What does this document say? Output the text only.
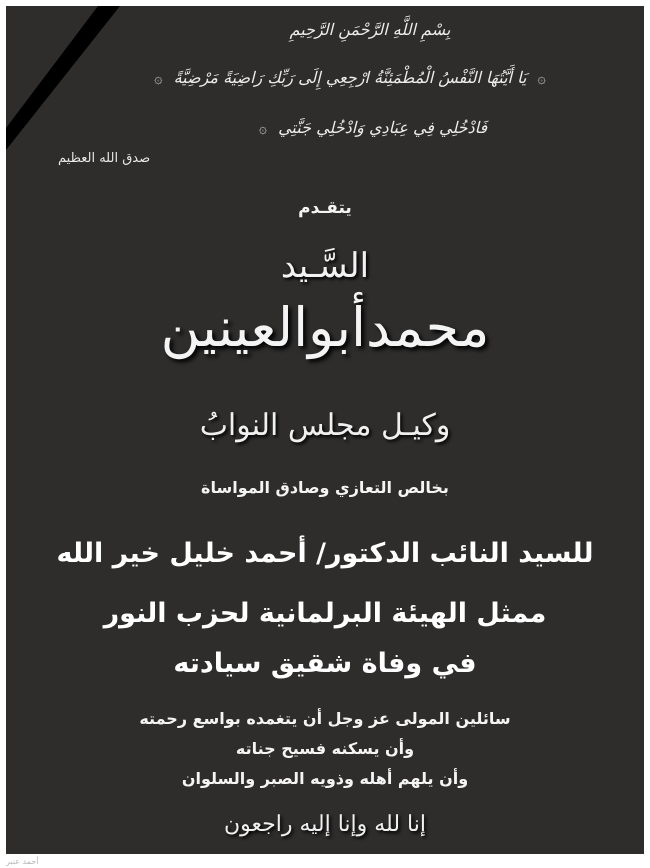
بِسْمِ اللَّهِ الرَّحْمَنِ الرَّحِيمِ
۞ يَا أَيَّتُهَا النَّفْسُ الْمُطْمَئِنَّةُ ارْجِعِي إِلَى رَبِّكِ رَاضِيَةً مَرْضِيَّةً ۞
فَادْخُلِي فِي عِبَادِي وَادْخُلِي جَنَّتِي ۞
صدق الله العظيم
يتقـدم
السَّـيد
محمدأبوالعينين
وكيـل مجلس النوابُ
بخالص التعازي وصادق المواساة
للسيد النائب الدكتور/ أحمد خليل خير الله
ممثل الهيئة البرلمانية لحزب النور
في وفاة شقيق سيادته
سائلين المولى عز وجل أن يتغمده بواسع رحمته
وأن يسكنه فسيح جناته
وأن يلهم أهله وذويه الصبر والسلوان
إنا لله وإنا إليه راجعون
أحمد عنبر
